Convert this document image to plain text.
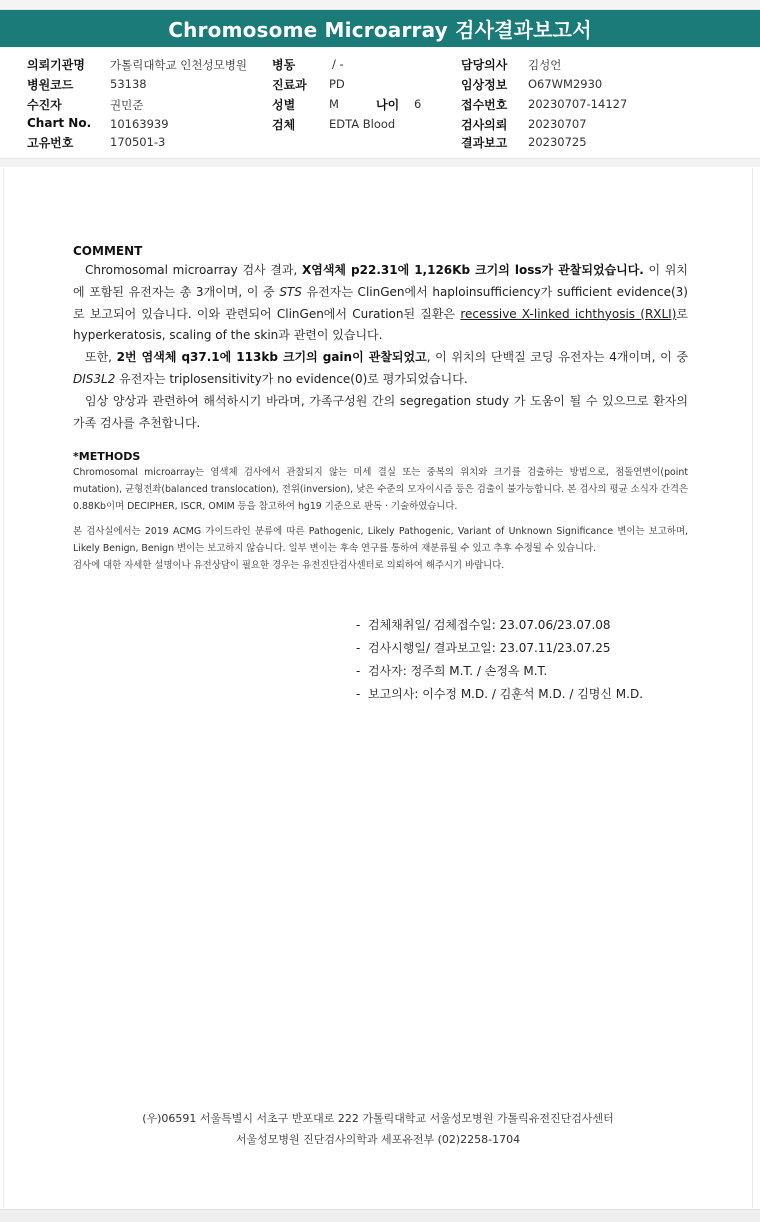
Chromosome Microarray 검사결과보고서
의뢰기관명 가톨릭대학교 인천성모병원
병원코드	53138
수진자	권민준
Chart No. 10163939
고유번호	170501-3
병동	/ -
진료과 PD
성별	M	나이 6
검체	EDTA Blood
담당의사 김성언
임상정보 O67WM2930
접수번호 20230707-14127
검사의뢰 20230707
결과보고 20230725
COMMENT

Chromosomal microarray 검사 결과, X염색체 p22.31에 1,126Kb 크기의 loss가 관찰되었습니다. 이 위치에 포함된 유전자는 총 3개이며, 이 중 STS 유전자는 ClinGen에서 haploinsufficiency가 sufficient evidence(3)로 보고되어 있습니다. 이와 관련되어 ClinGen에서 Curation된 질환은 recessive X-linked ichthyosis (RXLI)로 hyperkeratosis, scaling of the skin과 관련이 있습니다.

또한, 2번 염색체 q37.1에 113kb 크기의 gain이 관찰되었고, 이 위치의 단백질 코딩 유전자는 4개이며, 이 중 DIS3L2 유전자는 triplosensitivity가 no evidence(0)로 평가되었습니다.

임상 양상과 관련하여 해석하시기 바라며, 가족구성원 간의 segregation study 가 도움이 될 수 있으므로 환자의 가족 검사를 추천합니다.

*METHODS

Chromosomal microarray는 염색체 검사에서 관찰되지 않는 미세 결실 또는 중복의 위치와 크기를 검출하는 방법으로, 점돌연변이(point mutation), 균형전좌(balanced translocation), 전위(inversion), 낮은 수준의 모자이시즘 등은 검출이 불가능합니다. 본 검사의 평균 소식자 간격은 0.88Kb이며 DECIPHER, ISCR, OMIM 등을 참고하여 hg19 기준으로 판독 · 기술하였습니다.

본 검사실에서는 2019 ACMG 가이드라인 분류에 따른 Pathogenic, Likely Pathogenic, Variant of Unknown Significance 변이는 보고하며, Likely Benign, Benign 변이는 보고하지 않습니다. 일부 변이는 후속 연구를 통하여 재분류될 수 있고 추후 수정될 수 있습니다.

검사에 대한 자세한 설명이나 유전상담이 필요한 경우는 유전진단검사센터로 의뢰하여 해주시기 바랍니다.

- 검체채취일/ 검체접수일: 23.07.06/23.07.08
- 검사시행일/ 결과보고일: 23.07.11/23.07.25
- 검사자: 정주희 M.T. / 손정옥 M.T.
- 보고의사: 이수정 M.D. / 김훈석 M.D. / 김명신 M.D.
(우)06591 서울특별시 서초구 반포대로 222 가톨릭대학교 서울성모병원 가톨릭유전진단검사센터
서울성모병원 진단검사의학과 세포유전부 (02)2258-1704
